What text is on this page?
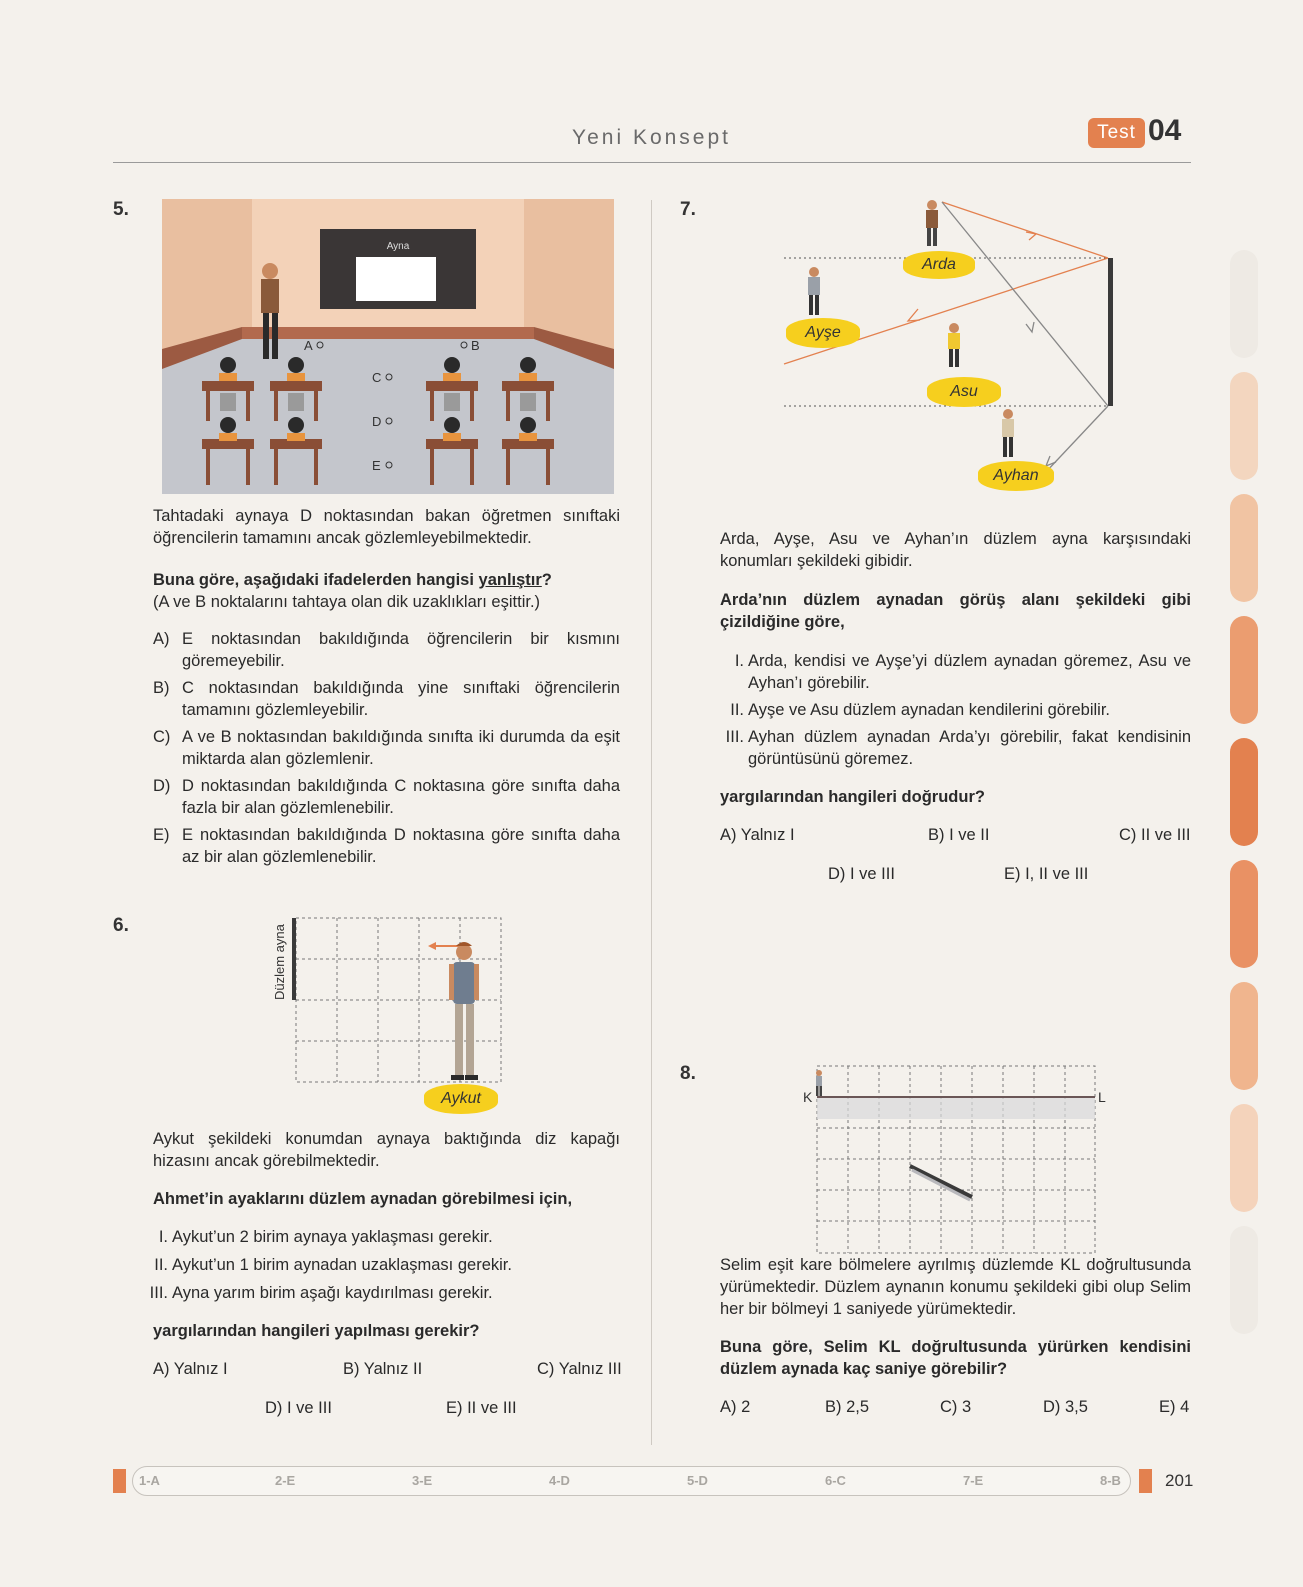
Yeni Konsept	Test 04
5.
Ayna
A	B
C
D
E
Tahtadaki aynaya D noktasından bakan öğretmen sınıftaki öğrencilerin tamamını ancak gözlemleyebilmektedir.
Buna göre, aşağıdaki ifadelerden hangisi yanlıştır?
(A ve B noktalarını tahtaya olan dik uzaklıkları eşittir.)
A) E noktasından bakıldığında öğrencilerin bir kısmını göremeyebilir.
B) C noktasından bakıldığında yine sınıftaki öğrencilerin tamamını gözlemleyebilir.
C) A ve B noktasından bakıldığında sınıfta iki durumda da eşit miktarda alan gözlemlenir.
D) D noktasından bakıldığında C noktasına göre sınıfta daha fazla bir alan gözlemlenebilir.
E) E noktasından bakıldığında D noktasına göre sınıfta daha az bir alan gözlemlenebilir.
6.	Düzlem ayna
Aykut
Aykut şekildeki konumdan aynaya baktığında diz kapağı hizasını ancak görebilmektedir.
Ahmet’in ayaklarını düzlem aynadan görebilmesi için,
I. Aykut’un 2 birim aynaya yaklaşması gerekir.
II. Aykut’un 1 birim aynadan uzaklaşması gerekir.
III. Ayna yarım birim aşağı kaydırılması gerekir.
yargılarından hangileri yapılması gerekir?
A) Yalnız I	B) Yalnız II	C) Yalnız III
D) I ve III	E) II ve III
7.
Arda
Ayşe
Asu
Ayhan
Arda, Ayşe, Asu ve Ayhan’ın düzlem ayna karşısındaki konumları şekildeki gibidir.
Arda’nın düzlem aynadan görüş alanı şekildeki gibi çizildiğine göre,
I. Arda, kendisi ve Ayşe’yi düzlem aynadan göremez, Asu ve Ayhan’ı görebilir.
II. Ayşe ve Asu düzlem aynadan kendilerini görebilir.
III. Ayhan düzlem aynadan Arda’yı görebilir, fakat kendisinin görüntüsünü göremez.
yargılarından hangileri doğrudur?
A) Yalnız I	B) I ve II	C) II ve III
D) I ve III	E) I, II ve III
8.
K	L
Selim eşit kare bölmelere ayrılmış düzlemde KL doğrultusunda yürümektedir. Düzlem aynanın konumu şekildeki gibi olup Selim her bir bölmeyi 1 saniyede yürümektedir.
Buna göre, Selim KL doğrultusunda yürürken kendisini düzlem aynada kaç saniye görebilir?
A) 2	B) 2,5	C) 3	D) 3,5	E) 4
1-A	2-E	3-E	4-D	5-D	6-C	7-E	8-B	201
